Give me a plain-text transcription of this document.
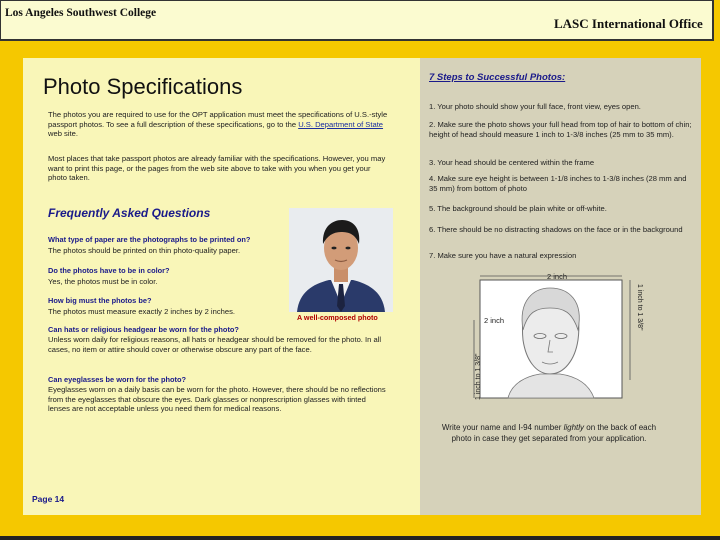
Los Angeles Southwest College
LASC International Office
Photo Specifications
The photos you are required to use for the OPT application must meet the specifications of U.S.-style passport photos. To see a full description of these specifications, go to the U.S. Department of State web site.
Most places that take passport photos are already familiar with the specifications. However, you may want to print this page, or the pages from the web site above to take with you when you get your photo taken.
Frequently Asked Questions
What type of paper are the photographs to be printed on?
The photos should be printed on thin photo-quality paper.
Do the photos have to be in color?
Yes, the photos must be in color.
How big must the photos be?
The photos must measure exactly 2 inches by 2 inches.
Can hats or religious headgear be worn for the photo?
Unless worn daily for religious reasons, all hats or headgear should be removed for the photo. In all cases, no item or attire should cover or otherwise obscure any part of the face.
Can eyeglasses be worn for the photo?
Eyeglasses worn on a daily basis can be worn for the photo. However, there should be no reflections from the eyeglasses that obscure the eyes. Dark glasses or nonprescription glasses with tinted lenses are not acceptable unless you need them for medical reasons.
A well-composed photo
Page 14
7 Steps to Successful Photos:
1. Your photo should show your full face, front view, eyes open.
2. Make sure the photo shows your full head from top of hair to bottom of chin; height of head should measure 1 inch to 1-3/8 inches (25 mm to 35 mm).
3. Your head should be centered within the frame
4. Make sure eye height is between 1-1/8 inches to 1-3/8 inches (28 mm and 35 mm) from bottom of photo
5. The background should be plain white or off-white.
6. There should be no distracting shadows on the face or in the background
7. Make sure you have a natural expression
2 inch
2 inch	1 inch to 1 3/8"
1 inch to 1 3/8"
Write your name and I-94 number lightly on the back of each photo in case they get separated from your application.
